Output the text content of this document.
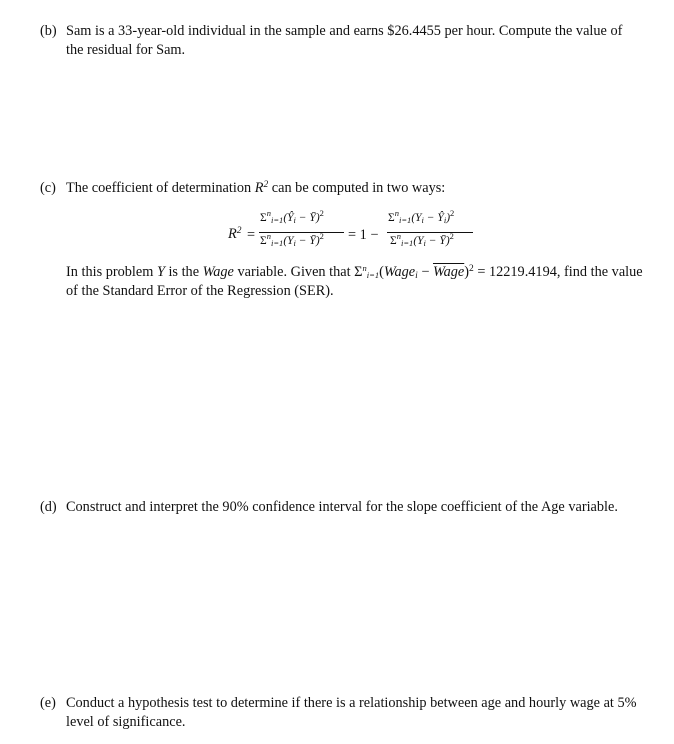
(b) Sam is a 33-year-old individual in the sample and earns $26.4455 per hour. Compute the value of the residual for Sam.
(c) The coefficient of determination $R^2$ can be computed in two ways:
$R^2$ =
$\Sigma^n_{i=1}(Ŷ_i$ − Ȳ)$^2$
$\Sigma^n_{i=1}(Y_i$ − Ȳ)$^2$ = 1 −
$\Sigma^n_{i=1}(Y_i$ − $Ŷ_i)^2$
$\Sigma^n_{i=1}(Y_i$ − Ȳ)$^2$
In this problem Y is the Wage variable. Given that $\Sigma^n_{i=1}(Wage_i$ − Wage)$^2$ = 12219.4194, find the value of the Standard Error of the Regression (SER).
(d) Construct and interpret the 90% confidence interval for the slope coefficient of the Age variable.
(e) Conduct a hypothesis test to determine if there is a relationship between age and hourly wage at 5% level of significance.
